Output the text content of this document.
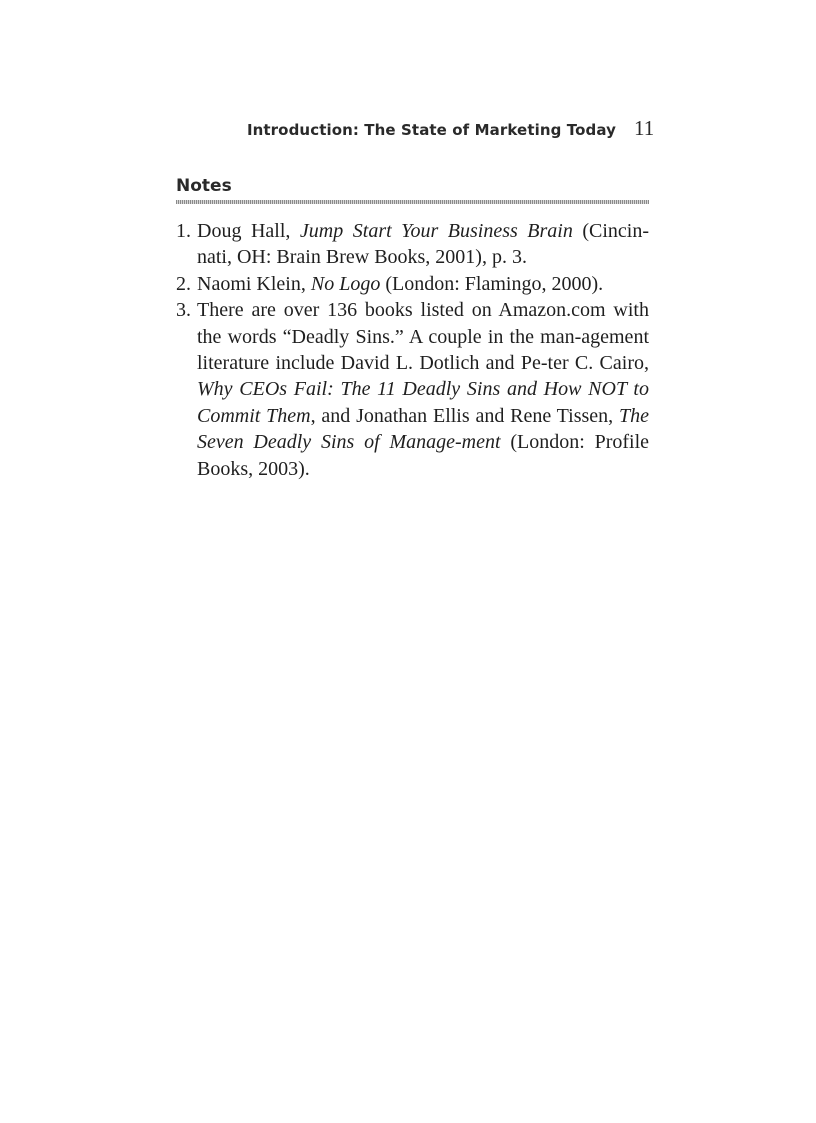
Introduction: The State of Marketing Today 11
Notes
1. Doug Hall, Jump Start Your Business Brain (Cincin-nati, OH: Brain Brew Books, 2001), p. 3.
2. Naomi Klein, No Logo (London: Flamingo, 2000).
3. There are over 136 books listed on Amazon.com with the words “Deadly Sins.” A couple in the man-agement literature include David L. Dotlich and Pe-ter C. Cairo, Why CEOs Fail: The 11 Deadly Sins and How NOT to Commit Them, and Jonathan Ellis and Rene Tissen, The Seven Deadly Sins of Manage-ment (London: Profile Books, 2003).
